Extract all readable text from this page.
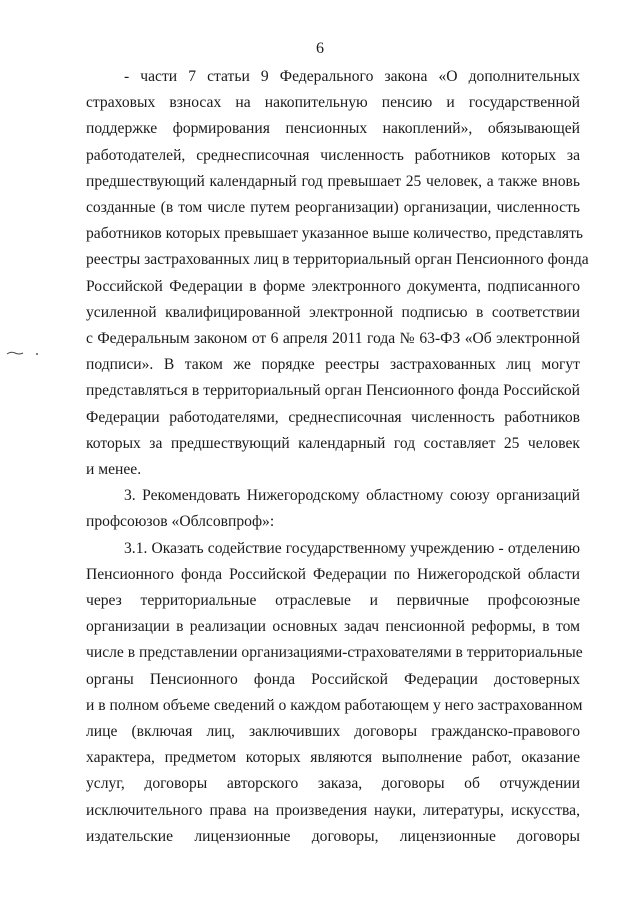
6
- части 7 статьи 9 Федерального закона «О дополнительных
страховых взносах на накопительную пенсию и государственной
поддержке формирования пенсионных накоплений», обязывающей
работодателей, среднесписочная численность работников которых за
предшествующий календарный год превышает 25 человек, а также вновь
созданные (в том числе путем реорганизации) организации, численность
работников которых превышает указанное выше количество, представлять
реестры застрахованных лиц в территориальный орган Пенсионного фонда
Российской Федерации в форме электронного документа, подписанного
усиленной квалифицированной электронной подписью в соответствии
с Федеральным законом от 6 апреля 2011 года № 63-ФЗ «Об электронной
подписи». В таком же порядке реестры застрахованных лиц могут
представляться в территориальный орган Пенсионного фонда Российской
Федерации работодателями, среднесписочная численность работников
которых за предшествующий календарный год составляет 25 человек
и менее.
3. Рекомендовать Нижегородскому областному союзу организаций
профсоюзов «Облсовпроф»:
3.1. Оказать содействие государственному учреждению - отделению
Пенсионного фонда Российской Федерации по Нижегородской области
через территориальные отраслевые и первичные профсоюзные
организации в реализации основных задач пенсионной реформы, в том
числе в представлении организациями-страхователями в территориальные
органы Пенсионного фонда Российской Федерации достоверных
и в полном объеме сведений о каждом работающем у него застрахованном
лице (включая лиц, заключивших договоры гражданско-правового
характера, предметом которых являются выполнение работ, оказание
услуг, договоры авторского заказа, договоры об отчуждении
исключительного права на произведения науки, литературы, искусства,
издательские лицензионные договоры, лицензионные договоры
